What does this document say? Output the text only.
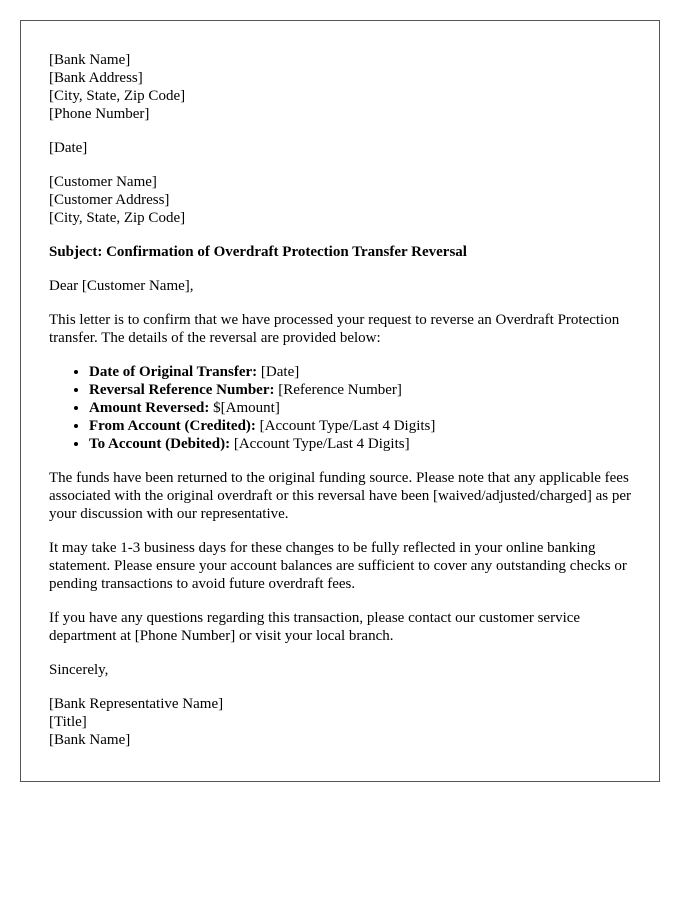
[Bank Name]
[Bank Address]
[City, State, Zip Code]
[Phone Number]
[Date]
[Customer Name]
[Customer Address]
[City, State, Zip Code]
Subject: Confirmation of Overdraft Protection Transfer Reversal

Dear [Customer Name],

This letter is to confirm that we have processed your request to reverse an Overdraft Protection transfer. The details of the reversal are provided below:

• Date of Original Transfer: [Date]
• Reversal Reference Number: [Reference Number]
• Amount Reversed: $[Amount]
• From Account (Credited): [Account Type/Last 4 Digits]
• To Account (Debited): [Account Type/Last 4 Digits]

The funds have been returned to the original funding source. Please note that any applicable fees associated with the original overdraft or this reversal have been [waived/adjusted/charged] as per your discussion with our representative.

It may take 1-3 business days for these changes to be fully reflected in your online banking statement. Please ensure your account balances are sufficient to cover any outstanding checks or pending transactions to avoid future overdraft fees.

If you have any questions regarding this transaction, please contact our customer service department at [Phone Number] or visit your local branch.

Sincerely,

[Bank Representative Name]
[Title]
[Bank Name]
